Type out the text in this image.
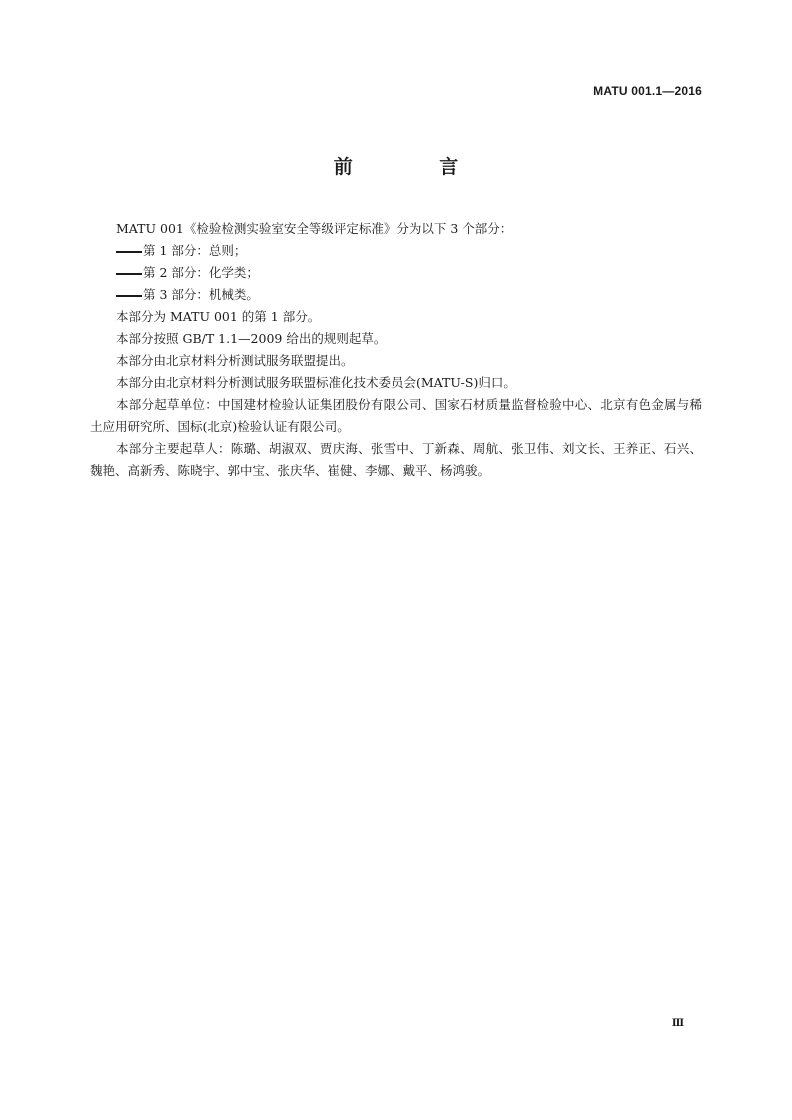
MATU 001.1—2016
前 言

MATU 001《检验检测实验室安全等级评定标准》分为以下 3 个部分：

第 1 部分：总则；

第 2 部分：化学类；

第 3 部分：机械类。

本部分为 MATU 001 的第 1 部分。

本部分按照 GB/T 1.1—2009 给出的规则起草。

本部分由北京材料分析测试服务联盟提出。

本部分由北京材料分析测试服务联盟标准化技术委员会(MATU-S)归口。

本部分起草单位：中国建材检验认证集团股份有限公司、国家石材质量监督检验中心、北京有色金属与稀土应用研究所、国标(北京)检验认证有限公司。

本部分主要起草人：陈璐、胡淑双、贾庆海、张雪中、丁新森、周航、张卫伟、刘文长、王养正、石兴、魏艳、高新秀、陈晓宇、郭中宝、张庆华、崔健、李娜、戴平、杨鸿骏。

Ⅲ
